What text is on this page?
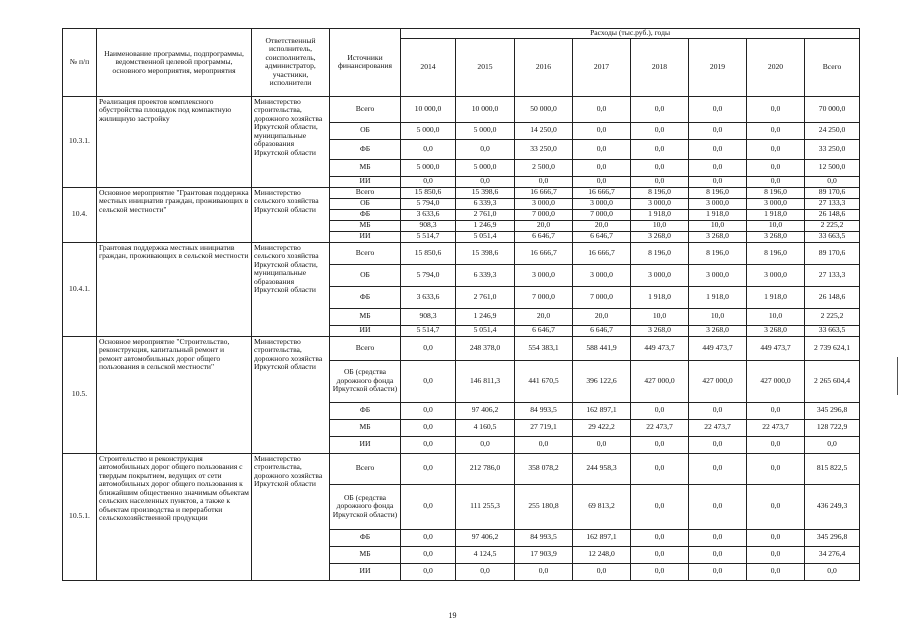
№ п/п	Наименование программы, подпрограммы, ведомственной целевой программы, основного мероприятия, мероприятия	Ответственный исполнитель, соисполнитель, администратор, участники, исполнители	Источники финансирования	Расходы (тыс.руб.), годы							
				2014	2015	2016	2017	2018	2019	2020	Всего
10.3.1.	Реализация проектов комплексного обустройства площадок под компактную жилищную застройку	Министерство строительства, дорожного хозяйства Иркутской области, муниципальные образования Иркутской области	Всего	10 000,0	10 000,0	50 000,0	0,0	0,0	0,0	0,0	70 000,0
			ОБ	5 000,0	5 000,0	14 250,0	0,0	0,0	0,0	0,0	24 250,0
			ФБ	0,0	0,0	33 250,0	0,0	0,0	0,0	0,0	33 250,0
			МБ	5 000,0	5 000,0	2 500,0	0,0	0,0	0,0	0,0	12 500,0
			ИИ	0,0	0,0	0,0	0,0	0,0	0,0	0,0	0,0
10.4.	Основное мероприятие "Грантовая поддержка местных инициатив граждан, проживающих в сельской местности"	Министерство сельского хозяйства Иркутской области	Всего	15 850,6	15 398,6	16 666,7	16 666,7	8 196,0	8 196,0	8 196,0	89 170,6
			ОБ	5 794,0	6 339,3	3 000,0	3 000,0	3 000,0	3 000,0	3 000,0	27 133,3
			ФБ	3 633,6	2 761,0	7 000,0	7 000,0	1 918,0	1 918,0	1 918,0	26 148,6
			МБ	908,3	1 246,9	20,0	20,0	10,0	10,0	10,0	2 225,2
			ИИ	5 514,7	5 051,4	6 646,7	6 646,7	3 268,0	3 268,0	3 268,0	33 663,5
10.4.1.	Грантовая поддержка местных инициатив граждан, проживающих в сельской местности	Министерство сельского хозяйства Иркутской области, муниципальные образования Иркутской области	Всего	15 850,6	15 398,6	16 666,7	16 666,7	8 196,0	8 196,0	8 196,0	89 170,6
			ОБ	5 794,0	6 339,3	3 000,0	3 000,0	3 000,0	3 000,0	3 000,0	27 133,3
			ФБ	3 633,6	2 761,0	7 000,0	7 000,0	1 918,0	1 918,0	1 918,0	26 148,6
			МБ	908,3	1 246,9	20,0	20,0	10,0	10,0	10,0	2 225,2
			ИИ	5 514,7	5 051,4	6 646,7	6 646,7	3 268,0	3 268,0	3 268,0	33 663,5
10.5.	Основное мероприятие "Строительство, реконструкция, капитальный ремонт и ремонт автомобильных дорог общего пользования в сельской местности"	Министерство строительства, дорожного хозяйства Иркутской области	Всего	0,0	248 378,0	554 383,1	588 441,9	449 473,7	449 473,7	449 473,7	2 739 624,1
			ОБ (средства дорожного фонда Иркутской области)	0,0	146 811,3	441 670,5	396 122,6	427 000,0	427 000,0	427 000,0	2 265 604,4
			ФБ	0,0	97 406,2	84 993,5	162 897,1	0,0	0,0	0,0	345 296,8
			МБ	0,0	4 160,5	27 719,1	29 422,2	22 473,7	22 473,7	22 473,7	128 722,9
			ИИ	0,0	0,0	0,0	0,0	0,0	0,0	0,0	0,0
10.5.1.	Строительство и реконструкция автомобильных дорог общего пользования с твердым покрытием, ведущих от сети автомобильных дорог общего пользования к ближайшим общественно значимым объектам сельских населенных пунктов, а также к объектам производства и переработки сельскохозяйственной продукции	Министерство строительства, дорожного хозяйства Иркутской области	Всего	0,0	212 786,0	358 078,2	244 958,3	0,0	0,0	0,0	815 822,5
			ОБ (средства дорожного фонда Иркутской области)	0,0	111 255,3	255 180,8	69 813,2	0,0	0,0	0,0	436 249,3
			ФБ	0,0	97 406,2	84 993,5	162 897,1	0,0	0,0	0,0	345 296,8
			МБ	0,0	4 124,5	17 903,9	12 248,0	0,0	0,0	0,0	34 276,4
			ИИ	0,0	0,0	0,0	0,0	0,0	0,0	0,0	0,0
19
